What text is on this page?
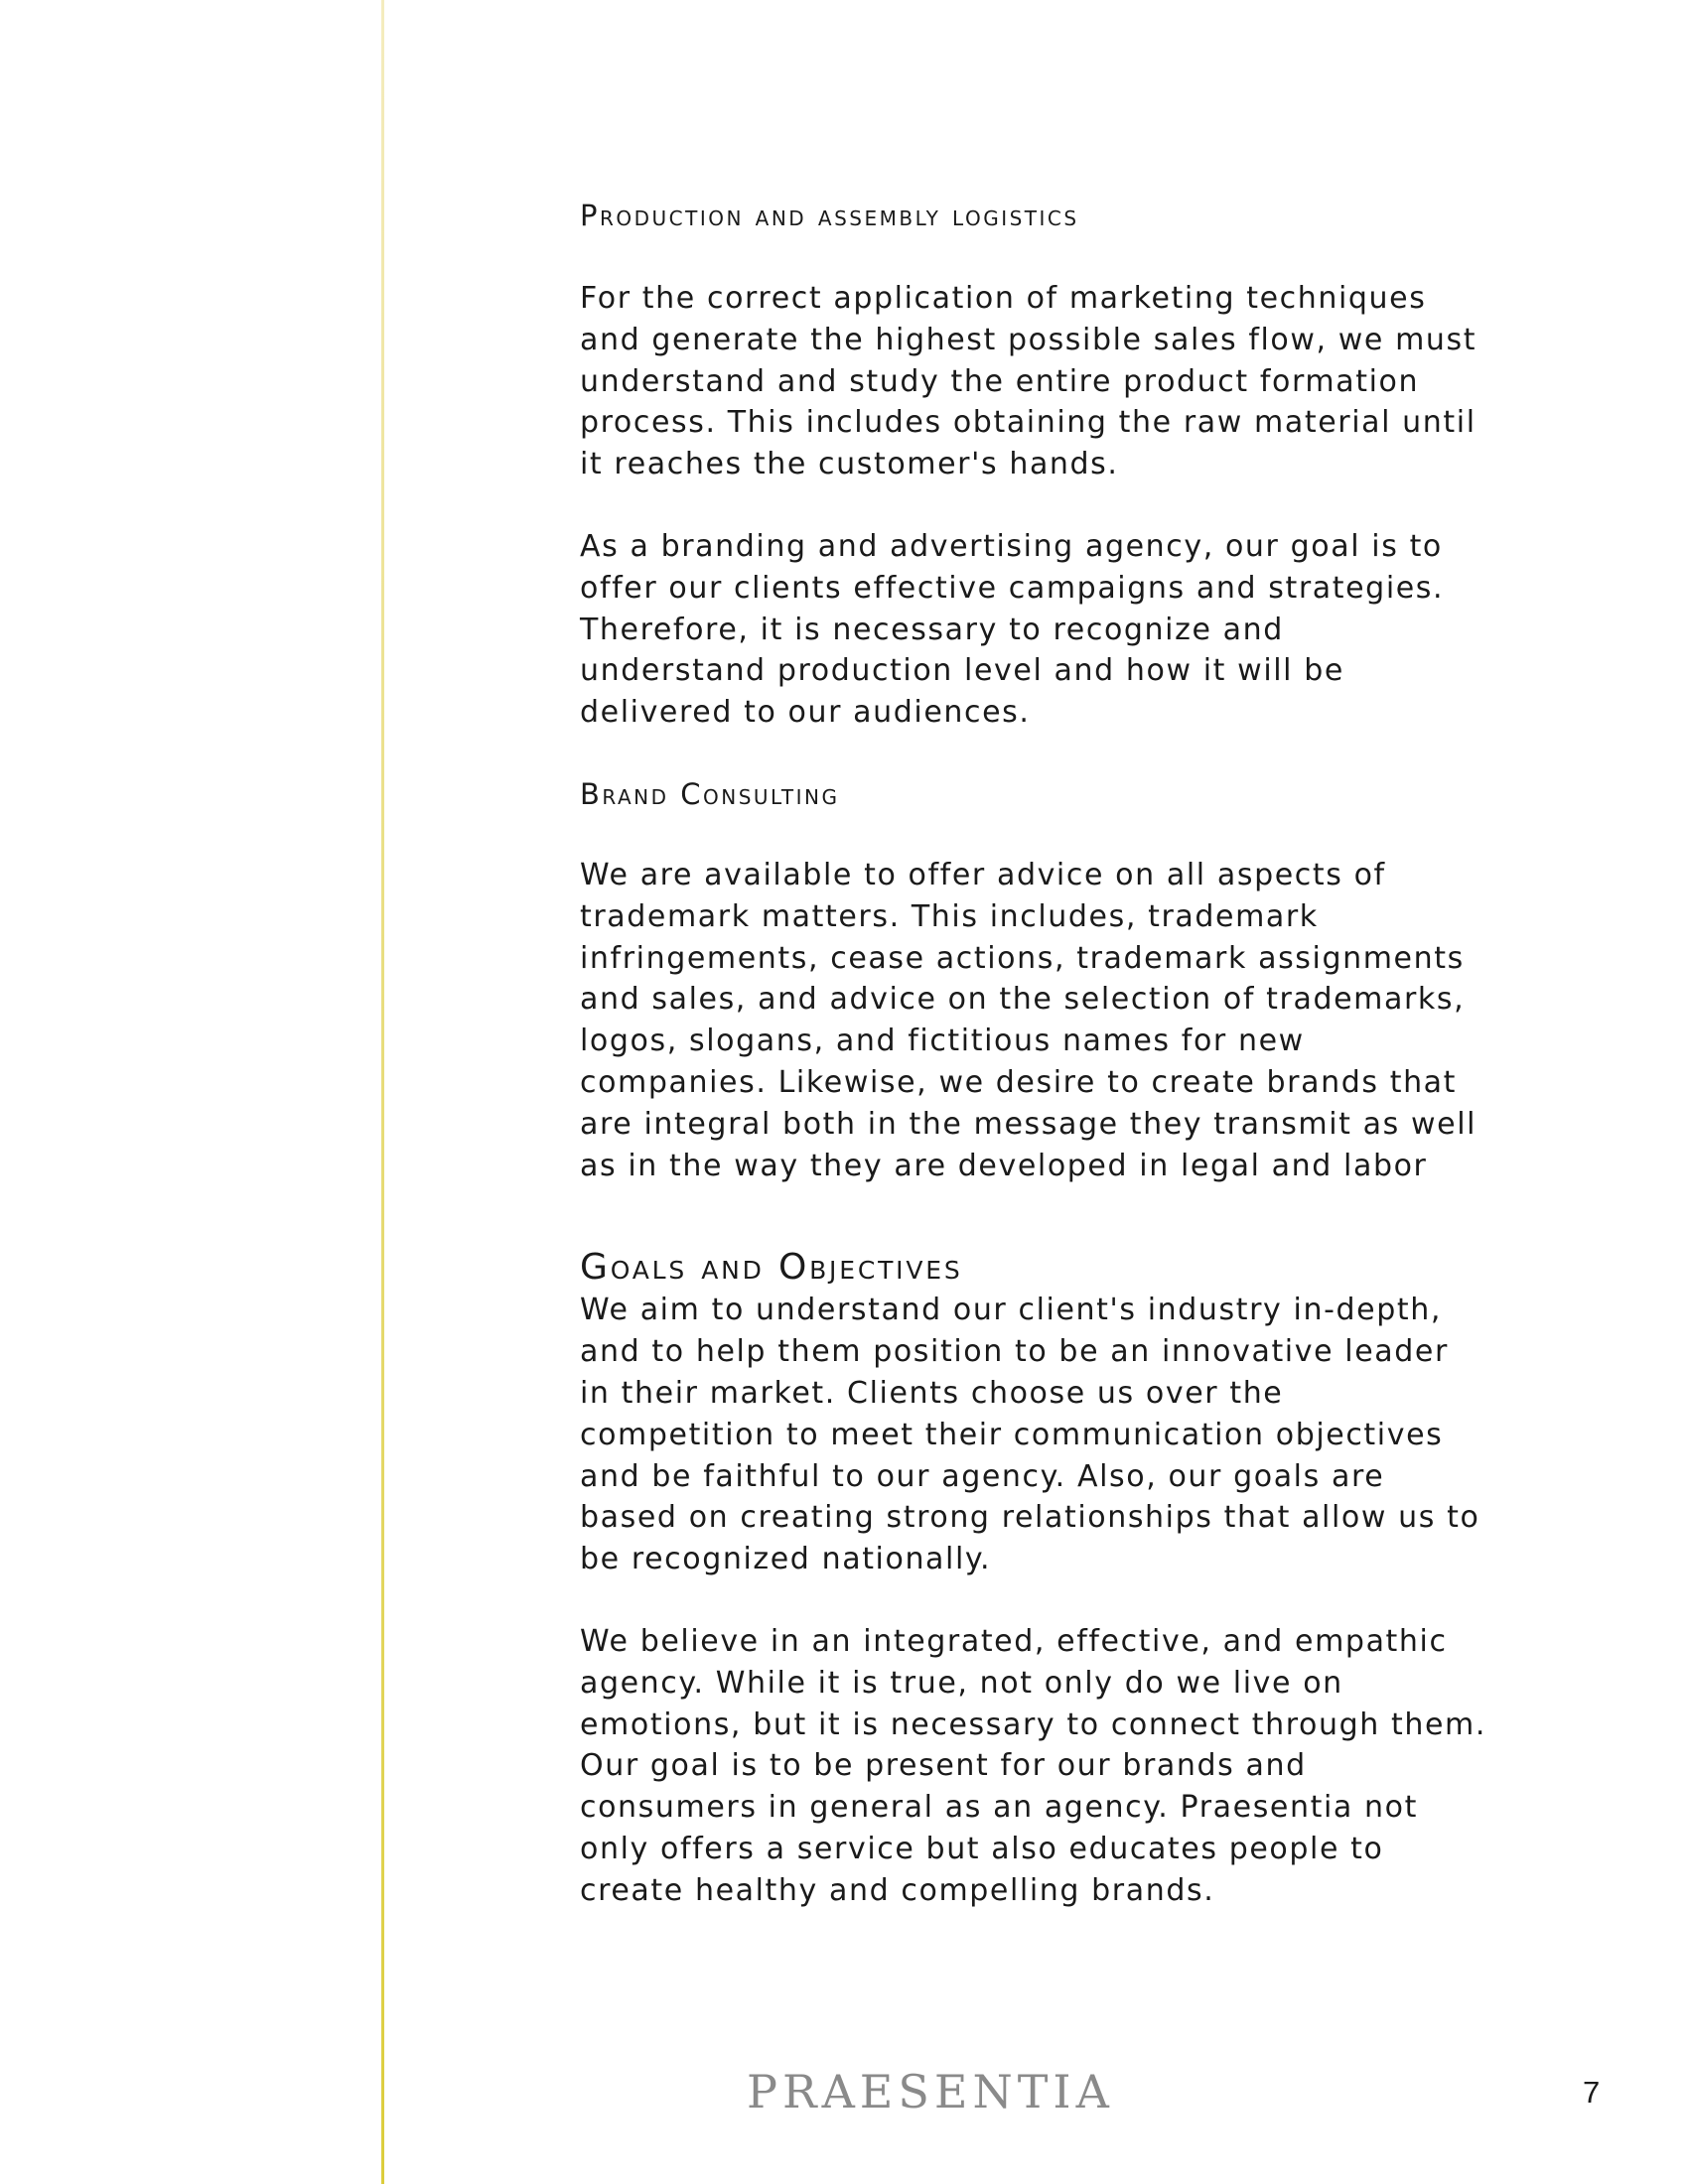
Production and assembly logistics

For the correct application of marketing techniques
and generate the highest possible sales flow, we must
understand and study the entire product formation
process. This includes obtaining the raw material until
it reaches the customer's hands.

As a branding and advertising agency, our goal is to
offer our clients effective campaigns and strategies.
Therefore, it is necessary to recognize and
understand production level and how it will be
delivered to our audiences.

Brand Consulting

We are available to offer advice on all aspects of
trademark matters. This includes, trademark
infringements, cease actions, trademark assignments
and sales, and advice on the selection of trademarks,
logos, slogans, and fictitious names for new
companies. Likewise, we desire to create brands that
are integral both in the message they transmit as well
as in the way they are developed in legal and labor

Goals and Objectives

We aim to understand our client's industry in-depth,
and to help them position to be an innovative leader
in their market. Clients choose us over the
competition to meet their communication objectives
and be faithful to our agency. Also, our goals are
based on creating strong relationships that allow us to
be recognized nationally.

We believe in an integrated, effective, and empathic
agency. While it is true, not only do we live on
emotions, but it is necessary to connect through them.
Our goal is to be present for our brands and
consumers in general as an agency. Praesentia not
only offers a service but also educates people to
create healthy and compelling brands.

PRAESENTIA	7
